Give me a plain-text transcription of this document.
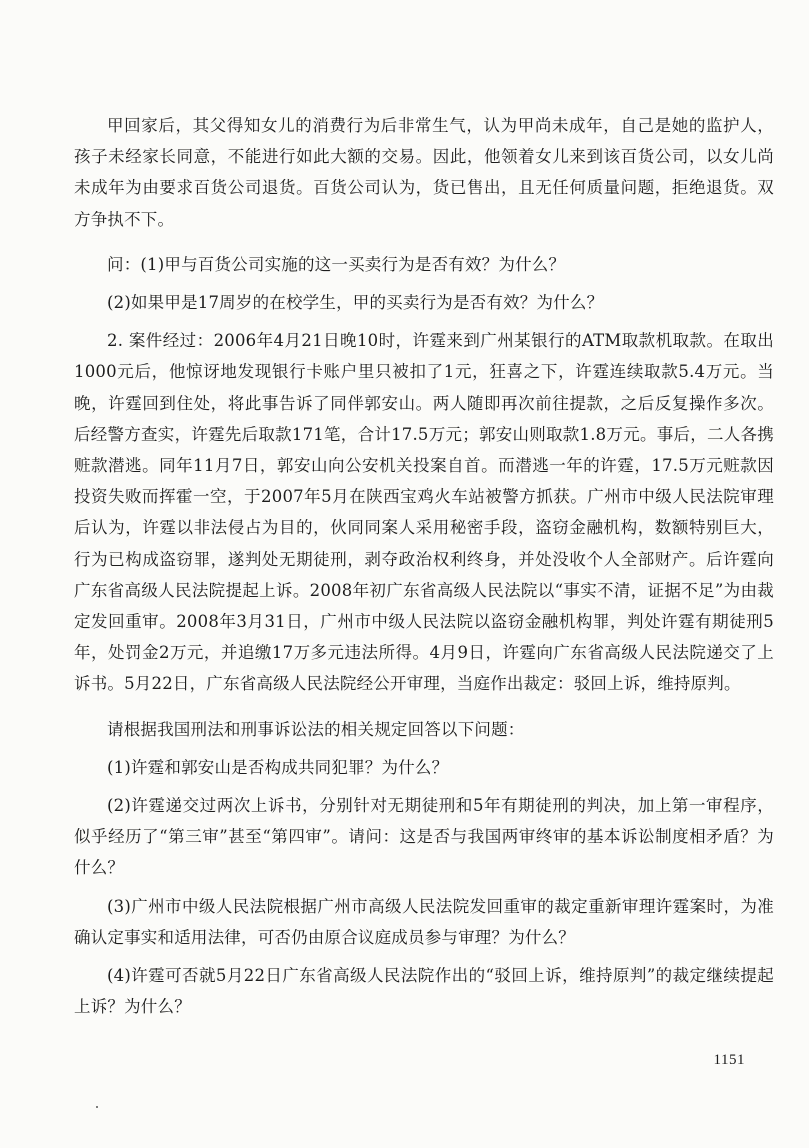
甲回家后，其父得知女儿的消费行为后非常生气，认为甲尚未成年，自己是她的监护人，孩子未经家长同意，不能进行如此大额的交易。因此，他领着女儿来到该百货公司，以女儿尚未成年为由要求百货公司退货。百货公司认为，货已售出，且无任何质量问题，拒绝退货。双方争执不下。

问：(1)甲与百货公司实施的这一买卖行为是否有效？为什么？

(2)如果甲是17周岁的在校学生，甲的买卖行为是否有效？为什么？

2. 案件经过：2006年4月21日晚10时，许霆来到广州某银行的ATM取款机取款。在取出1000元后，他惊讶地发现银行卡账户里只被扣了1元，狂喜之下，许霆连续取款5.4万元。当晚，许霆回到住处，将此事告诉了同伴郭安山。两人随即再次前往提款，之后反复操作多次。后经警方查实，许霆先后取款171笔，合计17.5万元；郭安山则取款1.8万元。事后，二人各携赃款潜逃。同年11月7日，郭安山向公安机关投案自首。而潜逃一年的许霆，17.5万元赃款因投资失败而挥霍一空，于2007年5月在陕西宝鸡火车站被警方抓获。广州市中级人民法院审理后认为，许霆以非法侵占为目的，伙同同案人采用秘密手段，盗窃金融机构，数额特别巨大，行为已构成盗窃罪，遂判处无期徒刑，剥夺政治权利终身，并处没收个人全部财产。后许霆向广东省高级人民法院提起上诉。2008年初广东省高级人民法院以“事实不清，证据不足”为由裁定发回重审。2008年3月31日，广州市中级人民法院以盗窃金融机构罪，判处许霆有期徒刑5年，处罚金2万元，并追缴17万多元违法所得。4月9日，许霆向广东省高级人民法院递交了上诉书。5月22日，广东省高级人民法院经公开审理，当庭作出裁定：驳回上诉，维持原判。

请根据我国刑法和刑事诉讼法的相关规定回答以下问题：

(1)许霆和郭安山是否构成共同犯罪？为什么？

(2)许霆递交过两次上诉书，分别针对无期徒刑和5年有期徒刑的判决，加上第一审程序，似乎经历了“第三审”甚至“第四审”。请问：这是否与我国两审终审的基本诉讼制度相矛盾？为什么？

(3)广州市中级人民法院根据广州市高级人民法院发回重审的裁定重新审理许霆案时，为准确认定事实和适用法律，可否仍由原合议庭成员参与审理？为什么？

(4)许霆可否就5月22日广东省高级人民法院作出的“驳回上诉，维持原判”的裁定继续提起上诉？为什么？

1151
